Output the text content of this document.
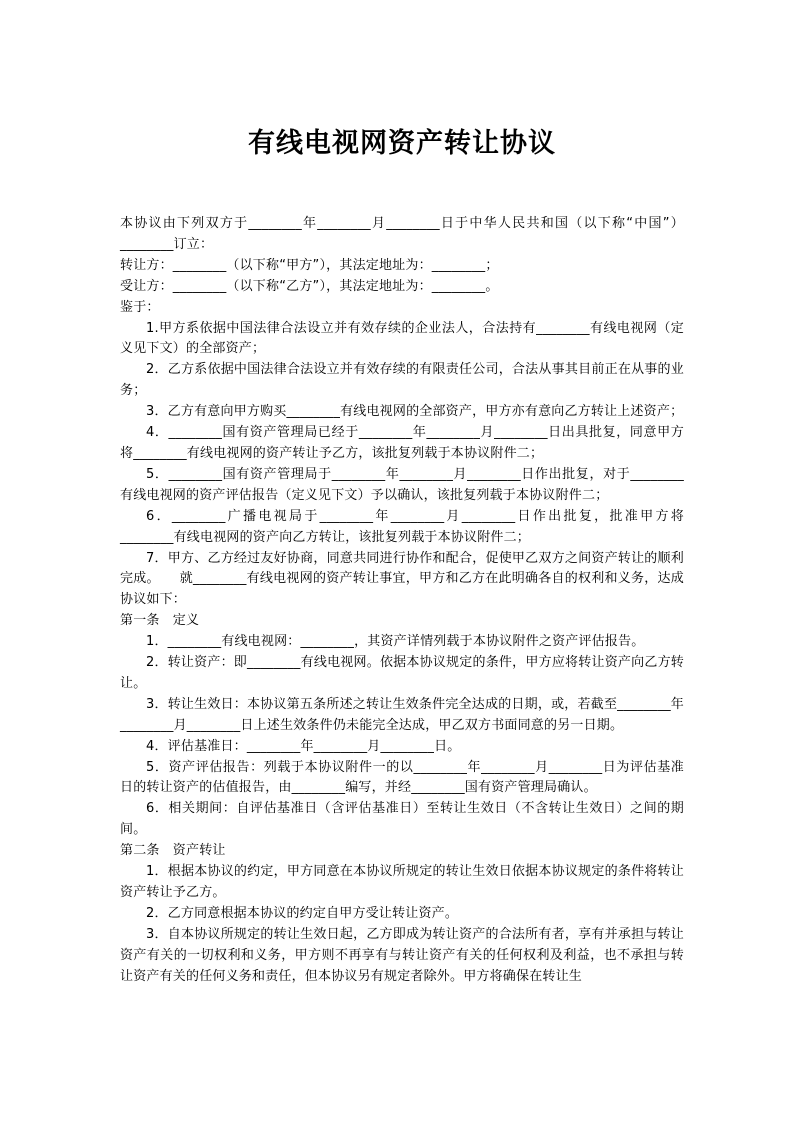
有线电视网资产转让协议

本协议由下列双方于________年________月________日于中华人民共和国（以下称“中国”）________订立：

转让方：________（以下称“甲方”），其法定地址为：________；

受让方：________（以下称“乙方”），其法定地址为：________。

鉴于：

1.甲方系依据中国法律合法设立并有效存续的企业法人，合法持有________有线电视网（定义见下文）的全部资产；

2．乙方系依据中国法律合法设立并有效存续的有限责任公司，合法从事其目前正在从事的业务；

3．乙方有意向甲方购买________有线电视网的全部资产，甲方亦有意向乙方转让上述资产；

4．________国有资产管理局已经于________年________月________日出具批复，同意甲方将________有线电视网的资产转让予乙方，该批复列载于本协议附件二；

5．________国有资产管理局于________年________月________日作出批复，对于________有线电视网的资产评估报告（定义见下文）予以确认，该批复列载于本协议附件二；

6．________广播电视局于________年________月________日作出批复，批准甲方将________有线电视网的资产向乙方转让，该批复列载于本协议附件二；

7．甲方、乙方经过友好协商，同意共同进行协作和配合，促使甲乙双方之间资产转让的顺利完成。　　就________有线电视网的资产转让事宜，甲方和乙方在此明确各自的权利和义务，达成协议如下：

第一条　定义

1．________有线电视网：________，其资产详情列载于本协议附件之资产评估报告。

2．转让资产：即________有线电视网。依据本协议规定的条件，甲方应将转让资产向乙方转让。

3．转让生效日：本协议第五条所述之转让生效条件完全达成的日期，或，若截至________年________月________日上述生效条件仍未能完全达成，甲乙双方书面同意的另一日期。

4．评估基准日：________年________月________日。

5．资产评估报告：列载于本协议附件一的以________年________月________日为评估基准日的转让资产的估值报告，由________编写，并经________国有资产管理局确认。

6．相关期间：自评估基准日（含评估基准日）至转让生效日（不含转让生效日）之间的期间。

第二条　资产转让

1．根据本协议的约定，甲方同意在本协议所规定的转让生效日依据本协议规定的条件将转让资产转让予乙方。

2．乙方同意根据本协议的约定自甲方受让转让资产。

3．自本协议所规定的转让生效日起，乙方即成为转让资产的合法所有者，享有并承担与转让资产有关的一切权利和义务，甲方则不再享有与转让资产有关的任何权利及利益，也不承担与转让资产有关的任何义务和责任，但本协议另有规定者除外。甲方将确保在转让生
